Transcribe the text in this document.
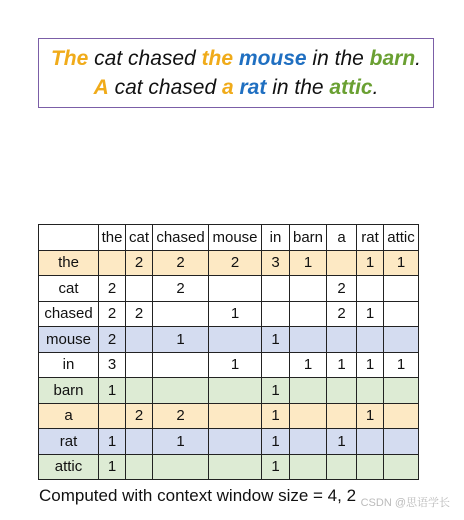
The cat chased the mouse in the barn.
A cat chased a rat in the attic.
	the	cat	chased	mouse	in	barn	a	rat	attic
the		2	2	2	3	1		1	1
cat	2		2				2		
chased	2	2		1			2	1	
mouse	2		1		1				
in	3			1		1	1	1	1
barn	1				1				
a		2	2		1			1	
rat	1		1		1		1		
attic	1				1				
Computed with context window size = 4, 2 CSDN @思语学长
